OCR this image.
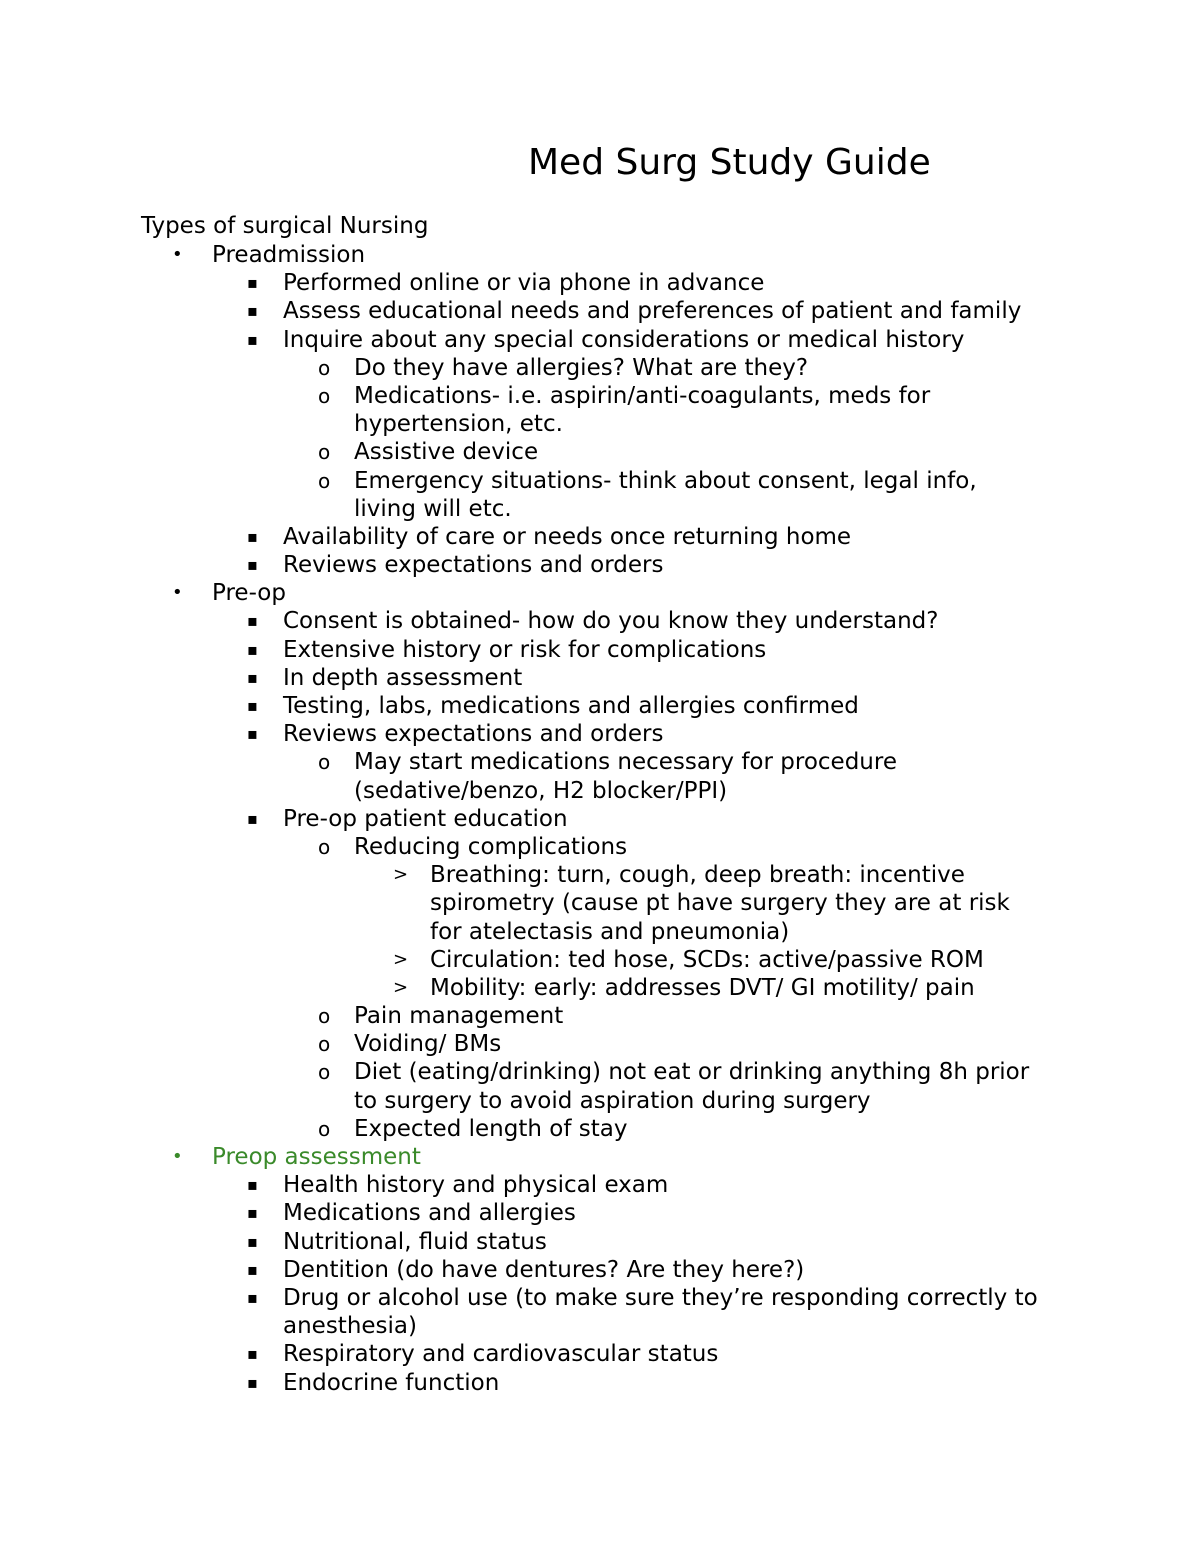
Med Surg Study Guide
Types of surgical Nursing
• Preadmission
▪ Performed online or via phone in advance
▪ Assess educational needs and preferences of patient and family
▪ Inquire about any special considerations or medical history
o Do they have allergies? What are they?
o Medications- i.e. aspirin/anti-coagulants, meds for
hypertension, etc.
o Assistive device
o Emergency situations- think about consent, legal info,
living will etc.
▪ Availability of care or needs once returning home
▪ Reviews expectations and orders
• Pre-op
▪ Consent is obtained- how do you know they understand?
▪ Extensive history or risk for complications
▪ In depth assessment
▪ Testing, labs, medications and allergies confirmed
▪ Reviews expectations and orders
o May start medications necessary for procedure
(sedative/benzo, H2 blocker/PPI)
▪ Pre-op patient education
o Reducing complications
> Breathing: turn, cough, deep breath: incentive
spirometry (cause pt have surgery they are at risk
for atelectasis and pneumonia)
> Circulation: ted hose, SCDs: active/passive ROM
> Mobility: early: addresses DVT/ GI motility/ pain
o Pain management
o Voiding/ BMs
o Diet (eating/drinking) not eat or drinking anything 8h prior
to surgery to avoid aspiration during surgery
o Expected length of stay
• Preop assessment
▪ Health history and physical exam
▪ Medications and allergies
▪ Nutritional, fluid status
▪ Dentition (do have dentures? Are they here?)
▪ Drug or alcohol use (to make sure they’re responding correctly to
anesthesia)
▪ Respiratory and cardiovascular status
▪ Endocrine function
